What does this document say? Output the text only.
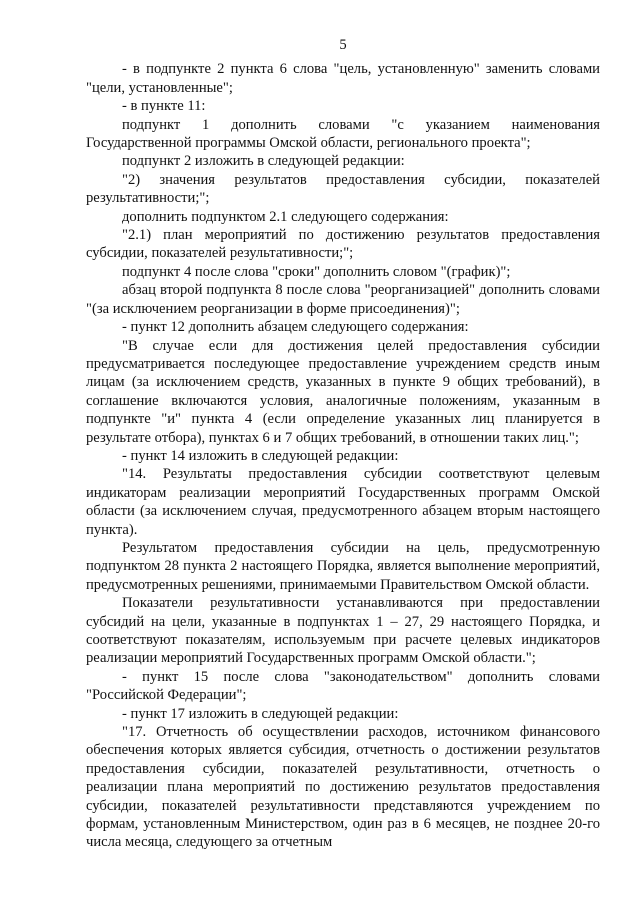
5

- в подпункте 2 пункта 6 слова "цель, установленную" заменить словами "цели, установленные";

- в пункте 11:

подпункт 1 дополнить словами "с указанием наименования Государственной программы Омской области, регионального проекта";

подпункт 2 изложить в следующей редакции:

"2) значения результатов предоставления субсидии, показателей результативности;";

дополнить подпунктом 2.1 следующего содержания:

"2.1) план мероприятий по достижению результатов предоставления субсидии, показателей результативности;";

подпункт 4 после слова "сроки" дополнить словом "(график)";

абзац второй подпункта 8 после слова "реорганизацией" дополнить словами "(за исключением реорганизации в форме присоединения)";

- пункт 12 дополнить абзацем следующего содержания:

"В случае если для достижения целей предоставления субсидии предусматривается последующее предоставление учреждением средств иным лицам (за исключением средств, указанных в пункте 9 общих требований), в соглашение включаются условия, аналогичные положениям, указанным в подпункте "и" пункта 4 (если определение указанных лиц планируется в результате отбора), пунктах 6 и 7 общих требований, в отношении таких лиц.";

- пункт 14 изложить в следующей редакции:

"14. Результаты предоставления субсидии соответствуют целевым индикаторам реализации мероприятий Государственных программ Омской области (за исключением случая, предусмотренного абзацем вторым настоящего пункта).

Результатом предоставления субсидии на цель, предусмотренную подпунктом 28 пункта 2 настоящего Порядка, является выполнение мероприятий, предусмотренных решениями, принимаемыми Правительством Омской области.

Показатели результативности устанавливаются при предоставлении субсидий на цели, указанные в подпунктах 1 – 27, 29 настоящего Порядка, и соответствуют показателям, используемым при расчете целевых индикаторов реализации мероприятий Государственных программ Омской области.";

- пункт 15 после слова "законодательством" дополнить словами "Российской Федерации";

- пункт 17 изложить в следующей редакции:

"17. Отчетность об осуществлении расходов, источником финансового обеспечения которых является субсидия, отчетность о достижении результатов предоставления субсидии, показателей результативности, отчетность о реализации плана мероприятий по достижению результатов предоставления субсидии, показателей результативности представляются учреждением по формам, установленным Министерством, один раз в 6 месяцев, не позднее 20-го числа месяца, следующего за отчетным
